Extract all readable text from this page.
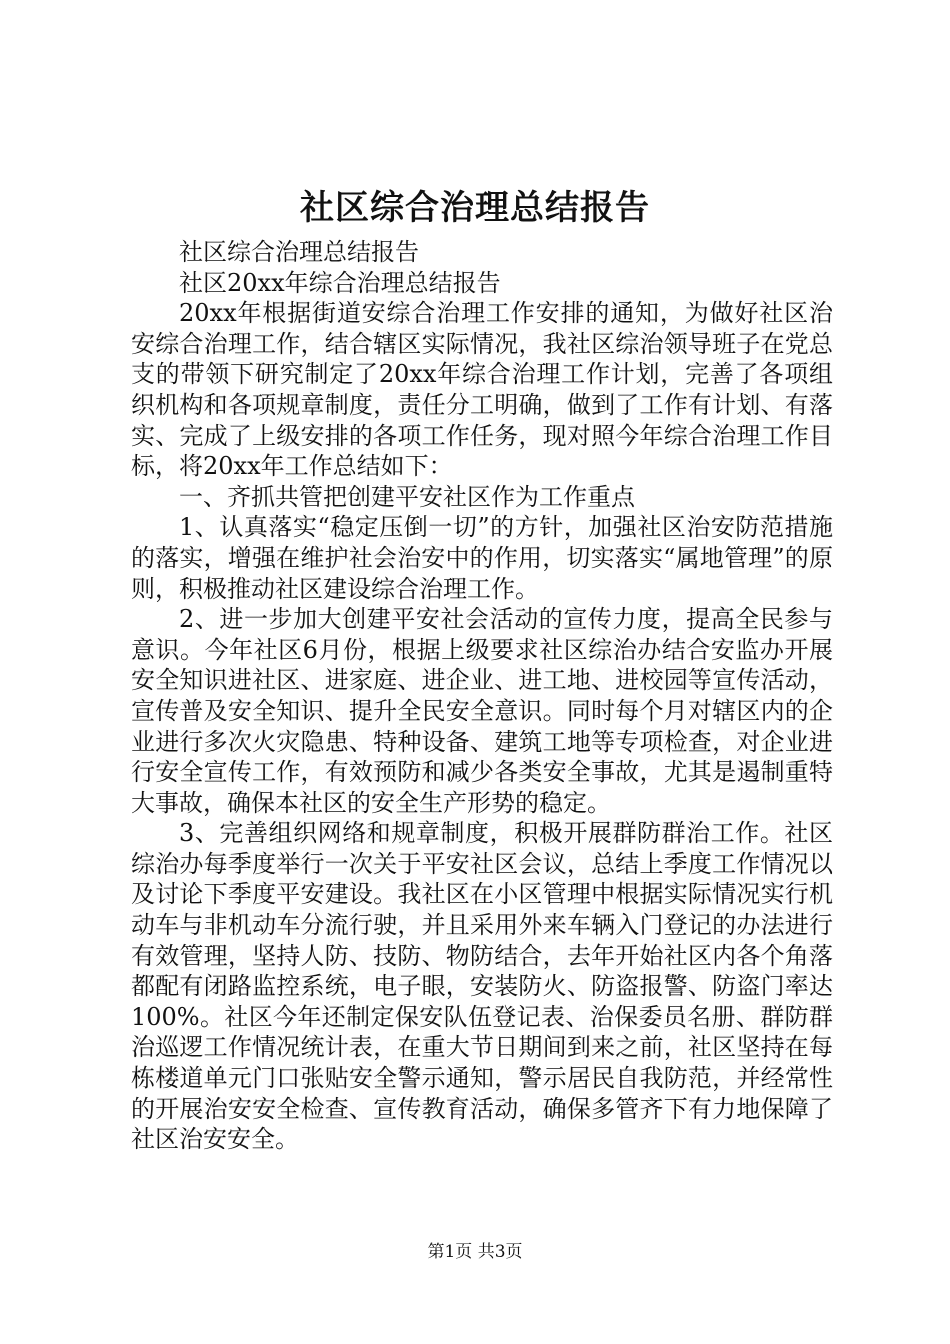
社区综合治理总结报告

社区综合治理总结报告

社区20xx年综合治理总结报告

20xx年根据街道安综合治理工作安排的通知，为做好社区治安综合治理工作，结合辖区实际情况，我社区综治领导班子在党总支的带领下研究制定了20xx年综合治理工作计划，完善了各项组织机构和各项规章制度，责任分工明确，做到了工作有计划、有落实、完成了上级安排的各项工作任务，现对照今年综合治理工作目标，将20xx年工作总结如下：

一、齐抓共管把创建平安社区作为工作重点

1、认真落实“稳定压倒一切”的方针，加强社区治安防范措施的落实，增强在维护社会治安中的作用，切实落实“属地管理”的原则，积极推动社区建设综合治理工作。

2、进一步加大创建平安社会活动的宣传力度，提高全民参与意识。今年社区6月份，根据上级要求社区综治办结合安监办开展安全知识进社区、进家庭、进企业、进工地、进校园等宣传活动，宣传普及安全知识、提升全民安全意识。同时每个月对辖区内的企业进行多次火灾隐患、特种设备、建筑工地等专项检查，对企业进行安全宣传工作，有效预防和减少各类安全事故，尤其是遏制重特大事故，确保本社区的安全生产形势的稳定。

3、完善组织网络和规章制度，积极开展群防群治工作。社区综治办每季度举行一次关于平安社区会议，总结上季度工作情况以及讨论下季度平安建设。我社区在小区管理中根据实际情况实行机动车与非机动车分流行驶，并且采用外来车辆入门登记的办法进行有效管理，坚持人防、技防、物防结合，去年开始社区内各个角落都配有闭路监控系统，电子眼，安装防火、防盗报警、防盗门率达100%。社区今年还制定保安队伍登记表、治保委员名册、群防群治巡逻工作情况统计表，在重大节日期间到来之前，社区坚持在每栋楼道单元门口张贴安全警示通知，警示居民自我防范，并经常性的开展治安安全检查、宣传教育活动，确保多管齐下有力地保障了社区治安安全。

第1页 共3页
